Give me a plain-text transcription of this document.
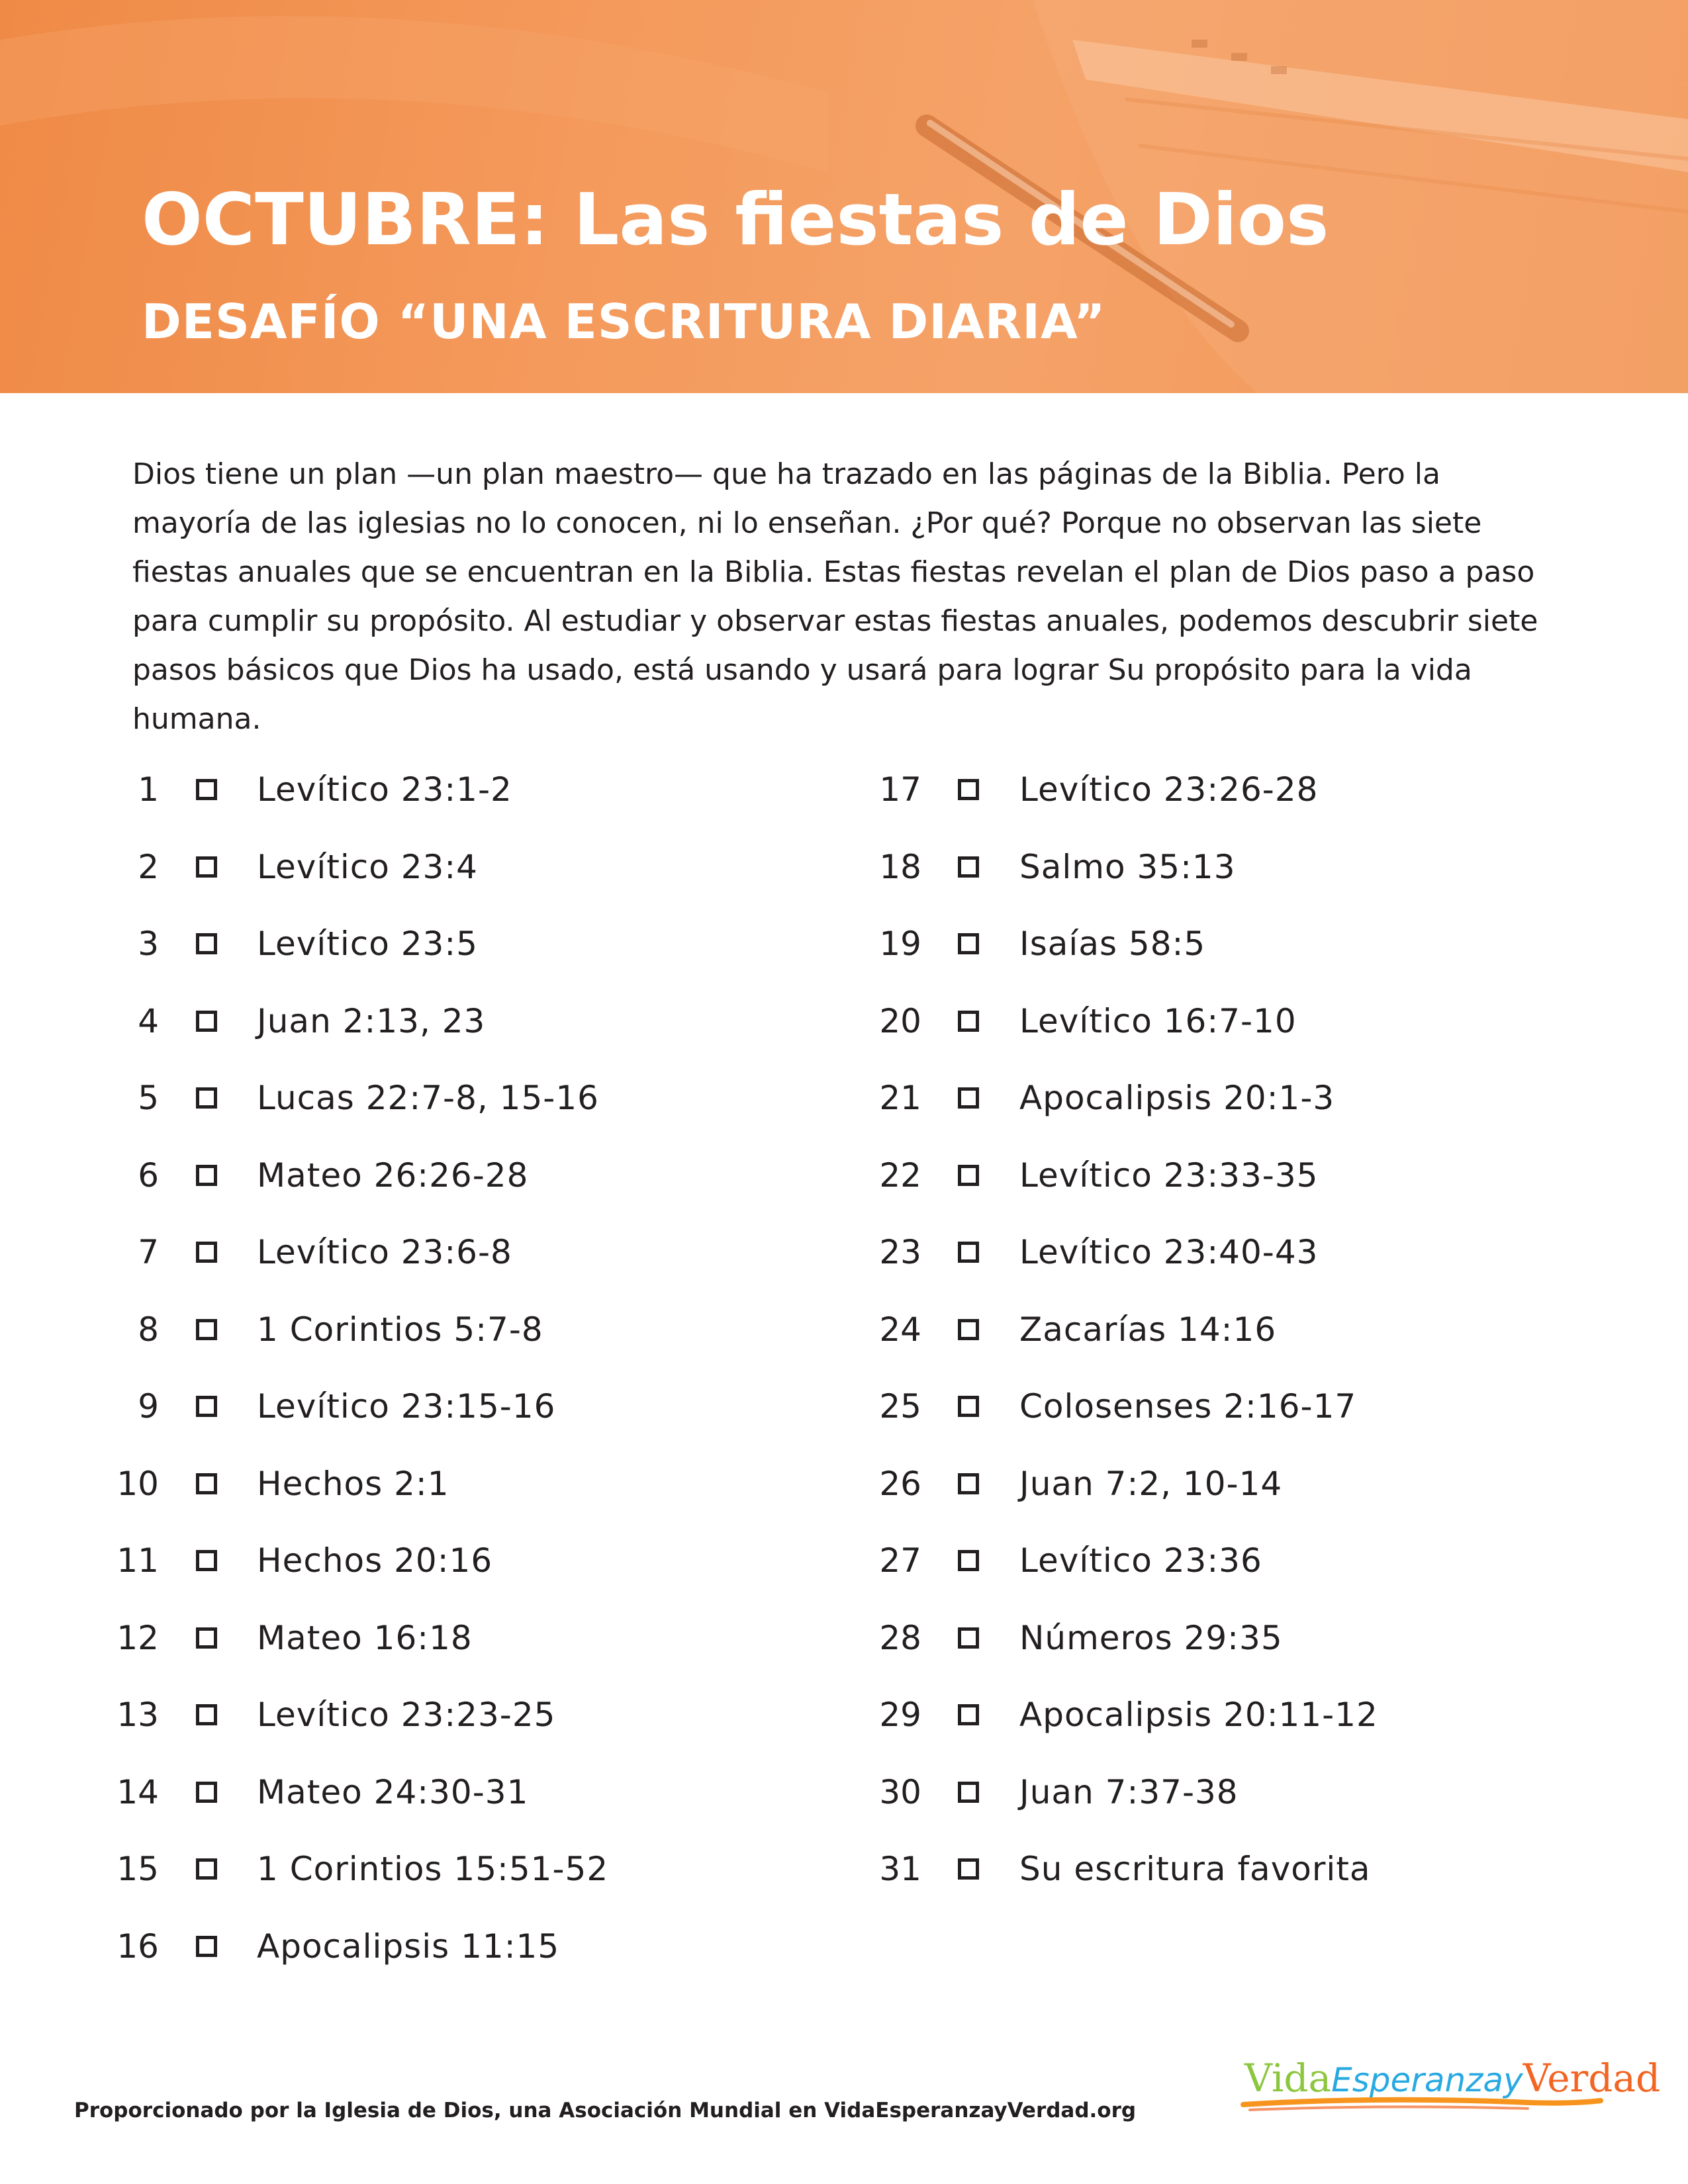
OCTUBRE: Las fiestas de Dios
DESAFÍO “UNA ESCRITURA DIARIA”

Dios tiene un plan —un plan maestro— que ha trazado en las páginas de la Biblia. Pero la mayoría de las iglesias no lo conocen, ni lo enseñan. ¿Por qué? Porque no observan las siete fiestas anuales que se encuentran en la Biblia. Estas fiestas revelan el plan de Dios paso a paso para cumplir su propósito. Al estudiar y observar estas fiestas anuales, podemos descubrir siete pasos básicos que Dios ha usado, está usando y usará para lograr Su propósito para la vida humana.

1	Levítico 23:1-2
2	Levítico 23:4
3	Levítico 23:5
4	Juan 2:13, 23
5	Lucas 22:7-8, 15-16
6	Mateo 26:26-28
7	Levítico 23:6-8
8	1 Corintios 5:7-8
9	Levítico 23:15-16
10	Hechos 2:1
11	Hechos 20:16
12	Mateo 16:18
13	Levítico 23:23-25
14	Mateo 24:30-31
15	1 Corintios 15:51-52
16	Apocalipsis 11:15
17	Levítico 23:26-28
18	Salmo 35:13
19	Isaías 58:5
20	Levítico 16:7-10
21	Apocalipsis 20:1-3
22	Levítico 23:33-35
23	Levítico 23:40-43
24	Zacarías 14:16
25	Colosenses 2:16-17
26	Juan 7:2, 10-14
27	Levítico 23:36
28	Números 29:35
29	Apocalipsis 20:11-12
30	Juan 7:37-38
31	Su escritura favorita

Proporcionado por la Iglesia de Dios, una Asociación Mundial en VidaEsperanzayVerdad.org

VidaEsperanzayVerdad
